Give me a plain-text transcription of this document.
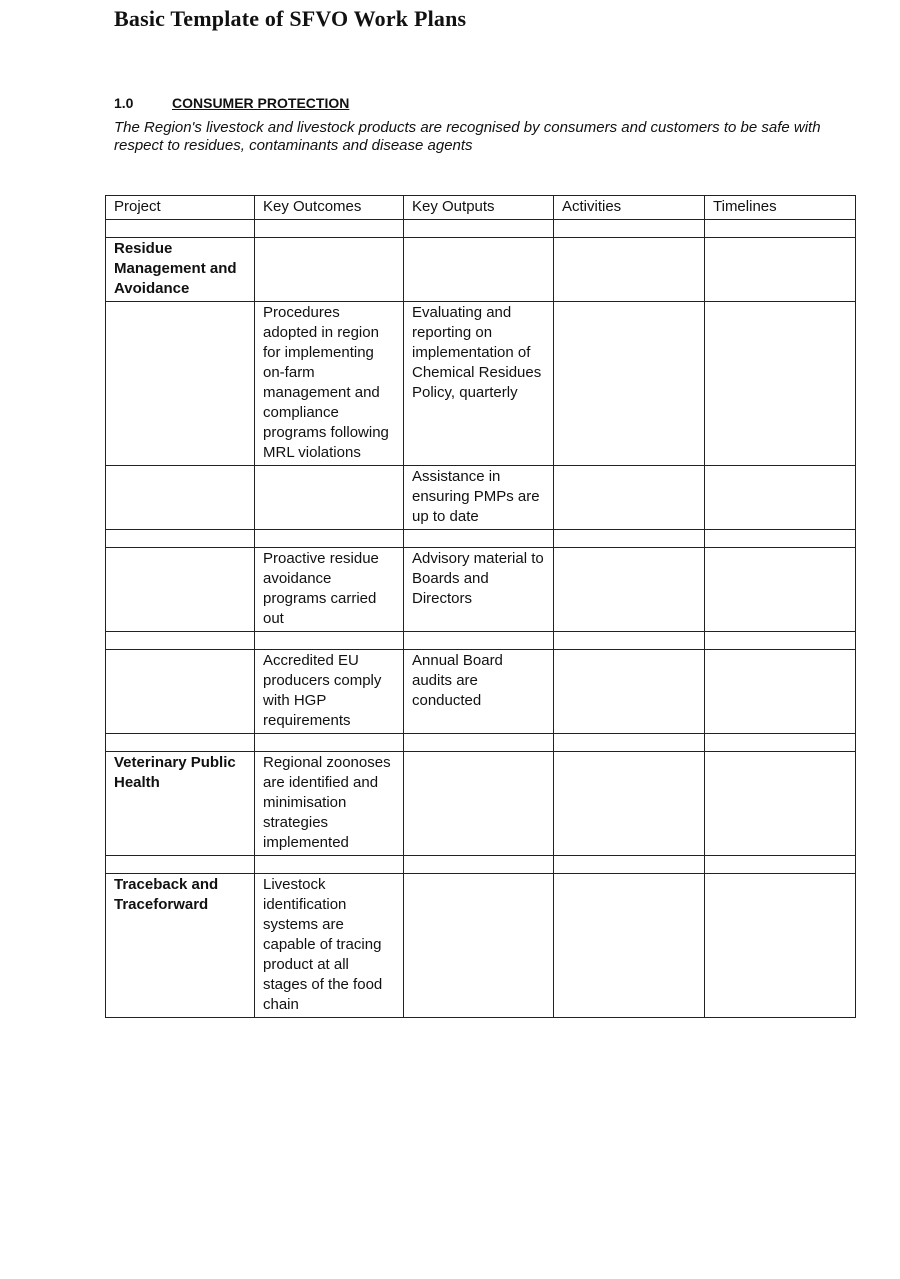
Basic Template of SFVO Work Plans

1.0	CONSUMER PROTECTION

The Region's livestock and livestock products are recognised by consumers and customers to be safe with respect to residues, contaminants and disease agents

Project	Key Outcomes	Key Outputs	Activities	Timelines

Residue Management and Avoidance				
	Procedures adopted in region for implementing on-farm management and compliance programs following MRL violations	Evaluating and reporting on implementation of Chemical Residues Policy, quarterly		
		Assistance in ensuring PMPs are up to date		

	Proactive residue avoidance programs carried out	Advisory material to Boards and Directors		

	Accredited EU producers comply with HGP requirements	Annual Board audits are conducted		

Veterinary Public Health	Regional zoonoses are identified and minimisation strategies implemented			

Traceback and Traceforward	Livestock identification systems are capable of tracing product at all stages of the food chain			
